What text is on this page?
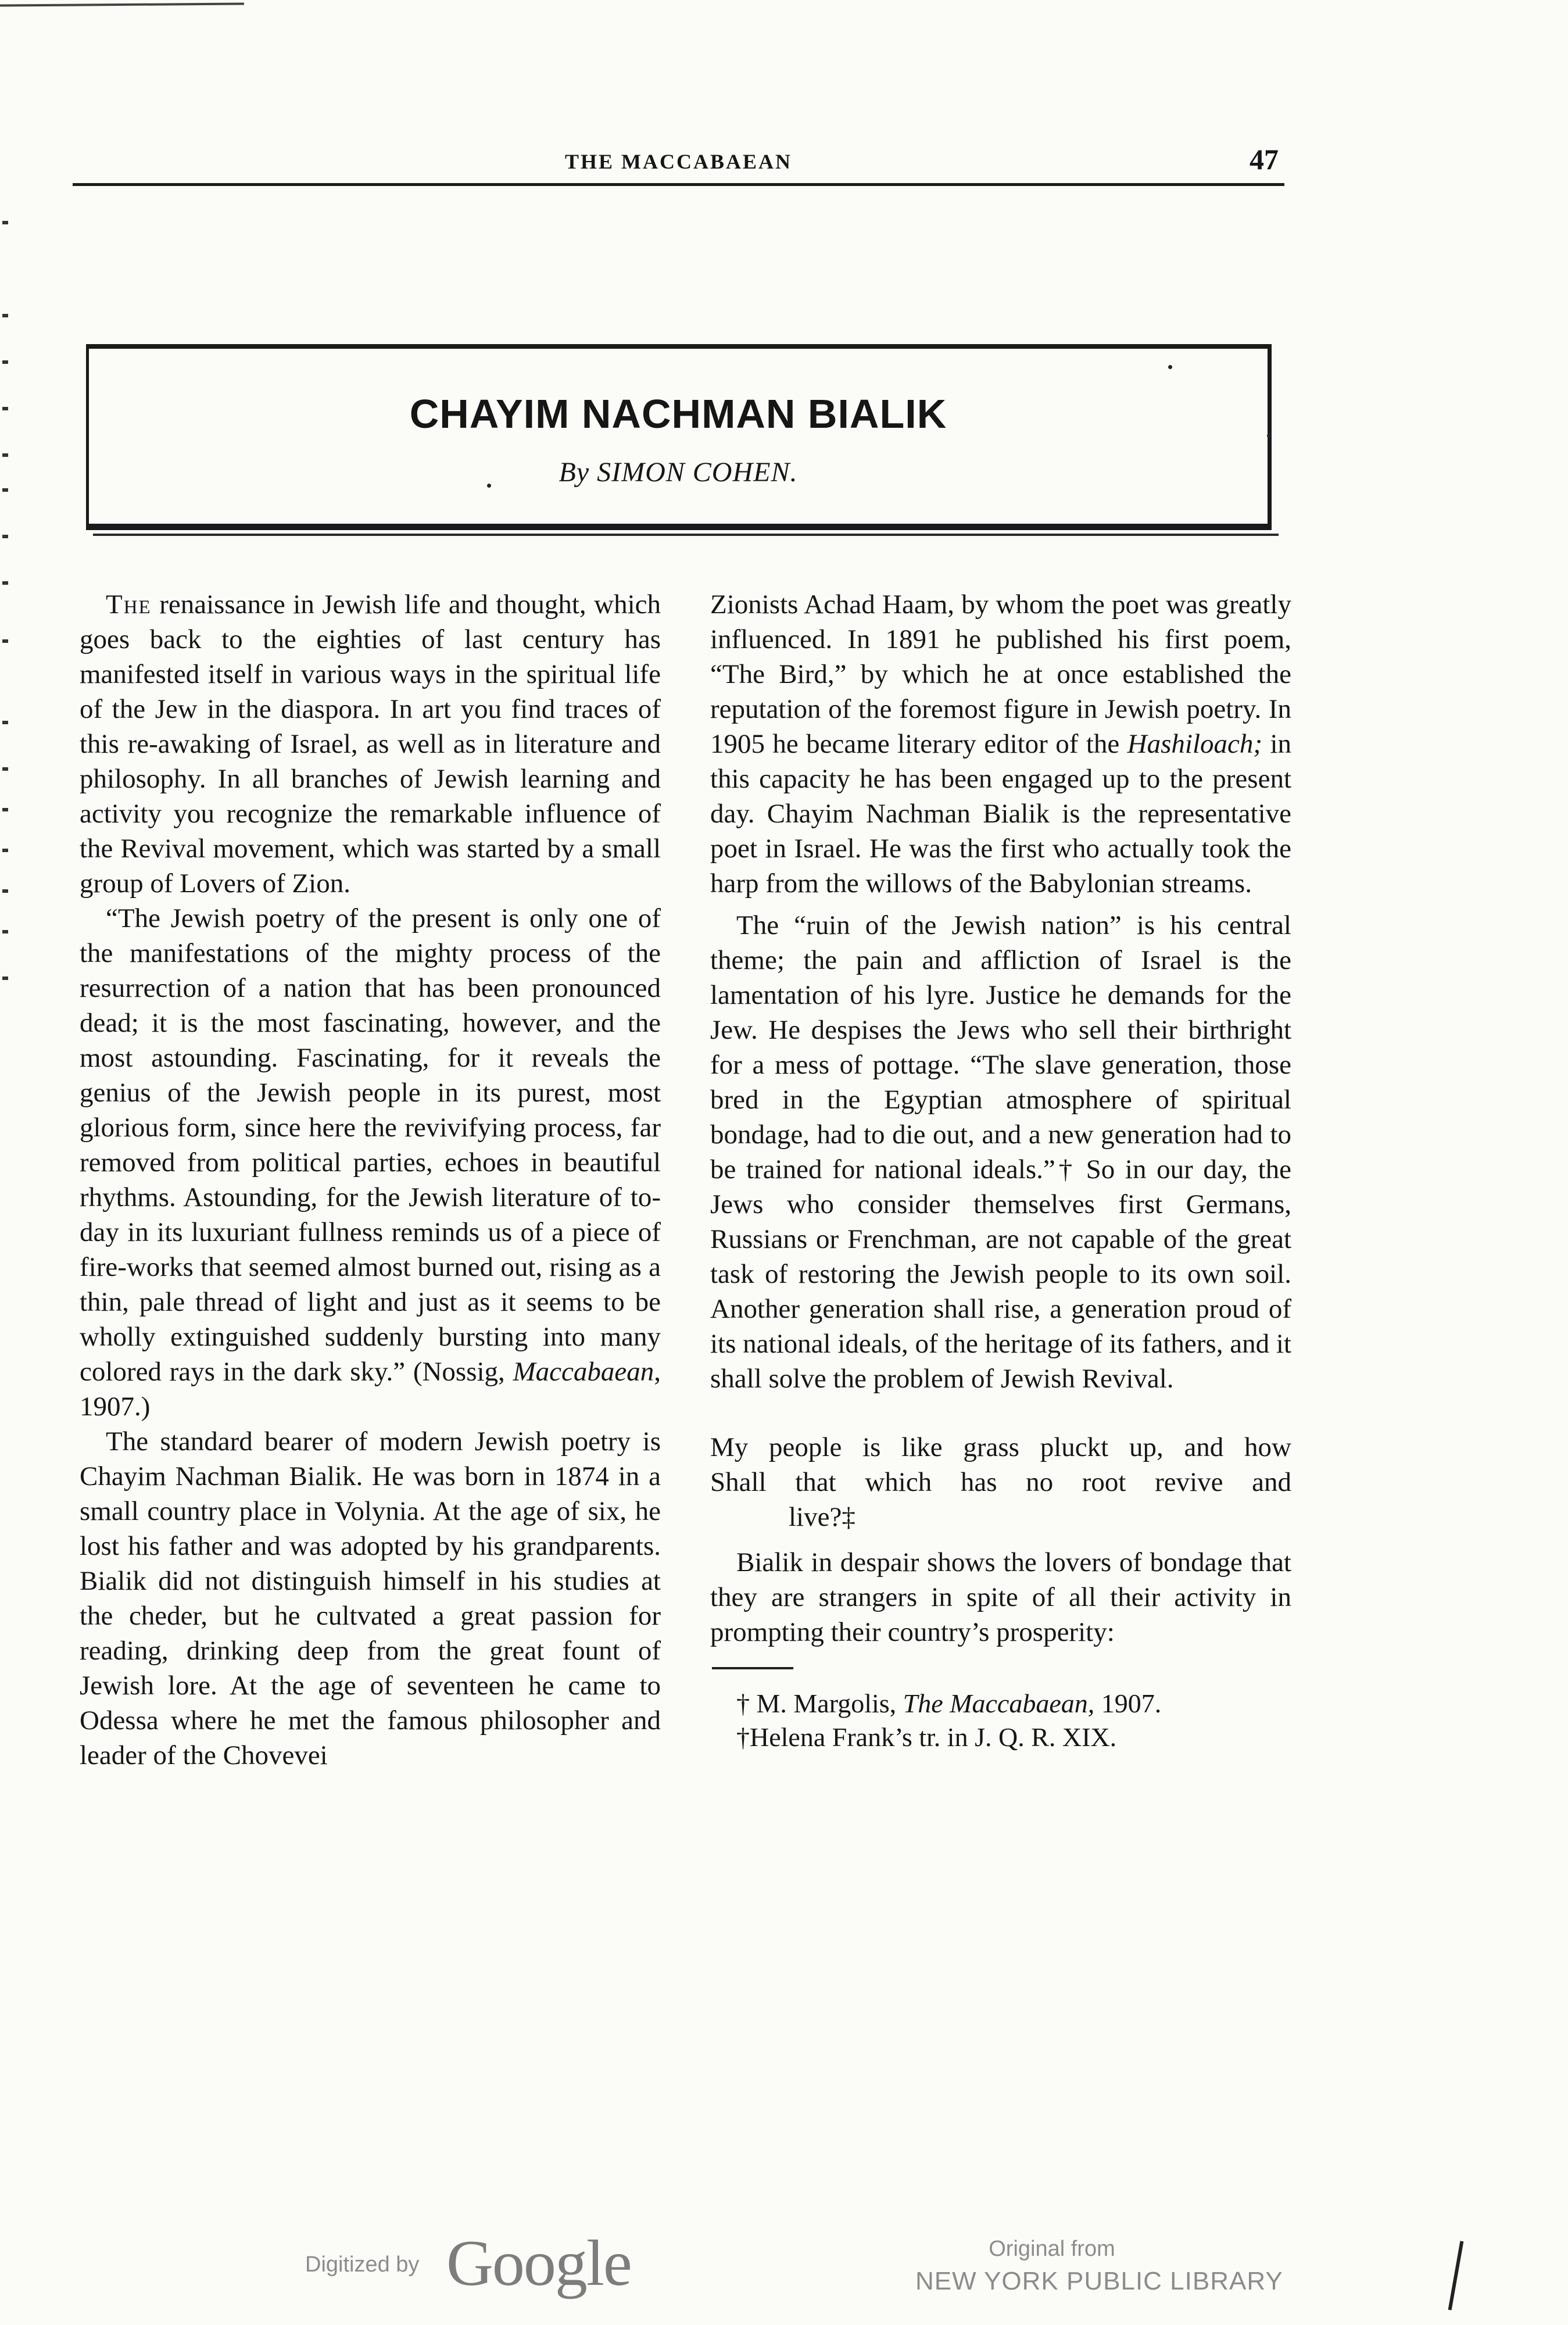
THE MACCABAEAN	47
CHAYIM NACHMAN BIALIK
By SIMON COHEN.

The renaissance in Jewish life and thought, which goes back to the eighties of last century has manifested itself in various ways in the spiritual life of the Jew in the diaspora. In art you find traces of this re-awaking of Israel, as well as in literature and philosophy. In all branches of Jewish learning and activity you recognize the remarkable influence of the Revival movement, which was started by a small group of Lovers of Zion.

“The Jewish poetry of the present is only one of the manifestations of the mighty process of the resurrection of a nation that has been pronounced dead; it is the most fascinating, however, and the most astounding. Fascinating, for it reveals the genius of the Jewish people in its purest, most glorious form, since here the revivifying process, far removed from political parties, echoes in beautiful rhythms. Astounding, for the Jewish literature of to-day in its luxuriant fullness reminds us of a piece of fire-works that seemed almost burned out, rising as a thin, pale thread of light and just as it seems to be wholly extinguished suddenly bursting into many colored rays in the dark sky.” (Nossig, Maccabaean, 1907.)

The standard bearer of modern Jewish poetry is Chayim Nachman Bialik. He was born in 1874 in a small country place in Volynia. At the age of six, he lost his father and was adopted by his grandparents. Bialik did not distinguish himself in his studies at the cheder, but he cultvated a great passion for reading, drinking deep from the great fount of Jewish lore. At the age of seventeen he came to Odessa where he met the famous philosopher and leader of the Chovevei

Zionists Achad Haam, by whom the poet was greatly influenced. In 1891 he published his first poem, “The Bird,” by which he at once established the reputation of the foremost figure in Jewish poetry. In 1905 he became literary editor of the Hashiloach; in this capacity he has been engaged up to the present day. Chayim Nachman Bialik is the representative poet in Israel. He was the first who actually took the harp from the willows of the Babylonian streams.

The “ruin of the Jewish nation” is his central theme; the pain and affliction of Israel is the lamentation of his lyre. Justice he demands for the Jew. He despises the Jews who sell their birthright for a mess of pottage. “The slave generation, those bred in the Egyptian atmosphere of spiritual bondage, had to die out, and a new generation had to be trained for national ideals.”† So in our day, the Jews who consider themselves first Germans, Russians or Frenchman, are not capable of the great task of restoring the Jewish people to its own soil. Another generation shall rise, a generation proud of its national ideals, of the heritage of its fathers, and it shall solve the problem of Jewish Revival.

My people is like grass pluckt up, and how
Shall that which has no root revive and
live?‡

Bialik in despair shows the lovers of bondage that they are strangers in spite of all their activity in prompting their country’s prosperity:

† M. Margolis, The Maccabaean, 1907.
†Helena Frank’s tr. in J. Q. R. XIX.
Digitized by Google	Original from
NEW YORK PUBLIC LIBRARY
